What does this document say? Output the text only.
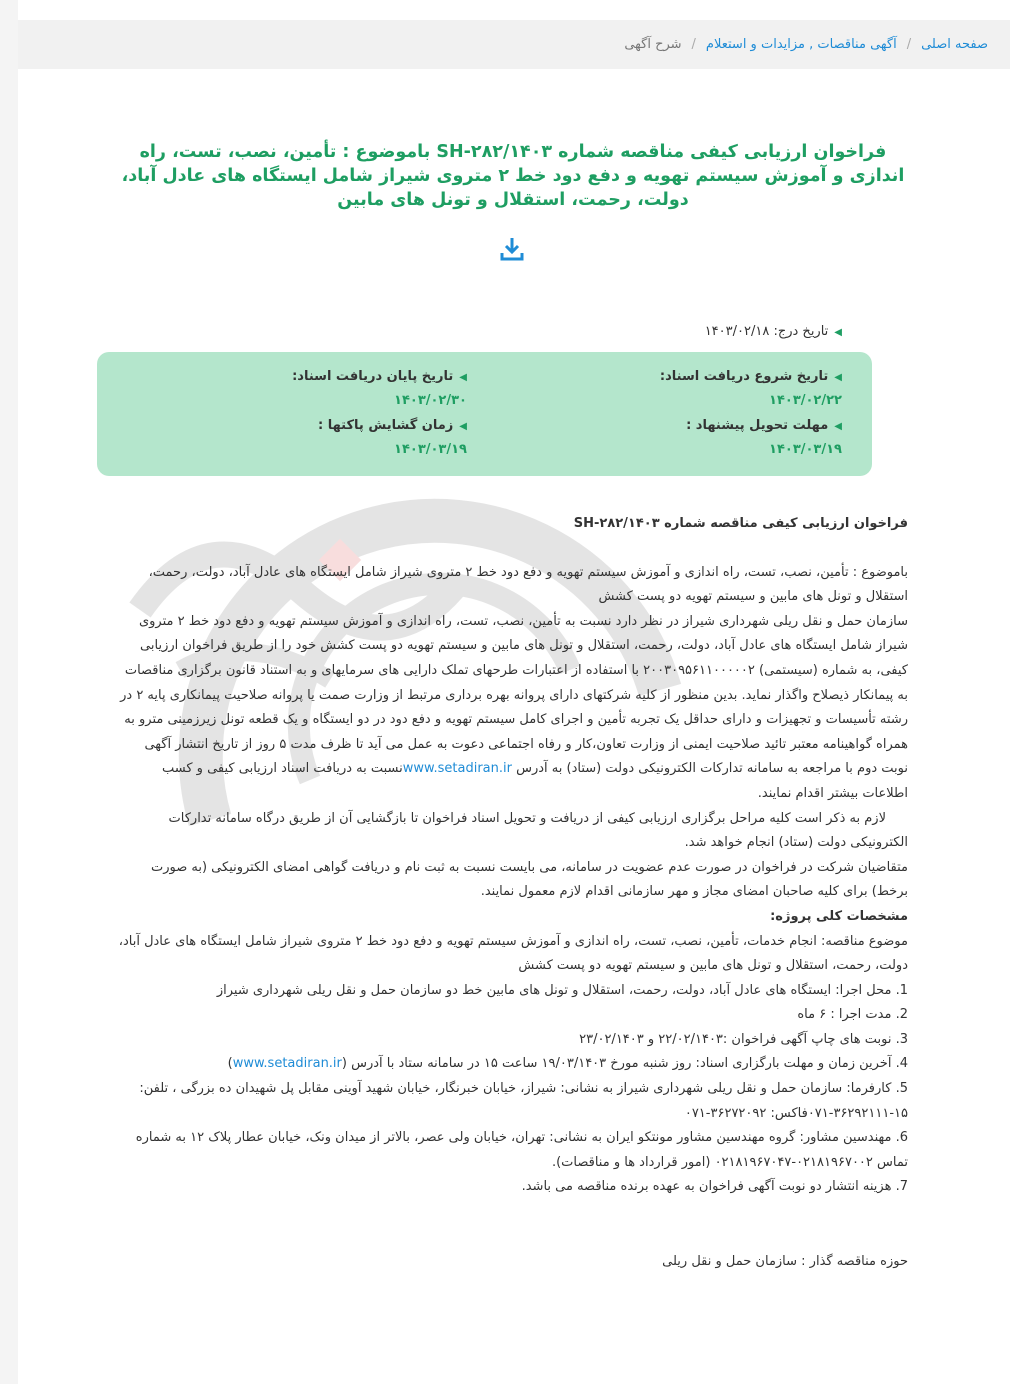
صفحه اصلی
/
آگهی مناقصات , مزایدات و استعلام
/
شرح آگهی
فراخوان ارزیابی کیفی مناقصه شماره SH-۲۸۲/۱۴۰۳ باموضوع : تأمین، نصب، تست، راه اندازی و آموزش سیستم تهویه و دفع دود خط ۲ متروی شیراز شامل ایستگاه های عادل آباد، دولت، رحمت، استقلال و تونل های مابین
◀تاریخ درج: ۱۴۰۳/۰۲/۱۸
◀تاریخ شروع دریافت اسناد:
۱۴۰۳/۰۲/۲۲
◀تاریخ پایان دریافت اسناد:
۱۴۰۳/۰۲/۳۰
◀مهلت تحویل پیشنهاد :
۱۴۰۳/۰۳/۱۹
◀زمان گشایش پاکتها :
۱۴۰۳/۰۳/۱۹

فراخوان ارزیابی کیفی مناقصه شماره SH-۲۸۲/۱۴۰۳

باموضوع : تأمین، نصب، تست، راه اندازی و آموزش سیستم تهویه و دفع دود خط ۲ متروی شیراز شامل ایستگاه های عادل آباد، دولت، رحمت، استقلال و تونل های مابین و سیستم تهویه دو پست کشش

سازمان حمل و نقل ریلی شهرداری شیراز در نظر دارد نسبت به تأمین، نصب، تست، راه اندازی و آموزش سیستم تهویه و دفع دود خط ۲ متروی شیراز شامل ایستگاه های عادل آباد، دولت، رحمت، استقلال و تونل های مابین و سیستم تهویه دو پست کشش خود را از طریق فراخوان ارزیابی کیفی، به شماره (سیستمی) ۲۰۰۳۰۹۵۶۱۱۰۰۰۰۰۲ با استفاده از اعتبارات طرحهای تملک دارایی های سرمایهای و به استناد قانون برگزاری مناقصات به پیمانکار ذیصلاح واگذار نماید. بدین منظور از کلیه شرکتهای دارای پروانه بهره برداری مرتبط از وزارت صمت یا پروانه صلاحیت پیمانکاری پایه ۲ در رشته تأسیسات و تجهیزات و دارای حداقل یک تجربه تأمین و اجرای کامل سیستم تهویه و دفع دود در دو ایستگاه و یک قطعه تونل زیرزمینی مترو به همراه گواهینامه معتبر تائید صلاحیت ایمنی از وزارت تعاون،کار و رفاه اجتماعی دعوت به عمل می آید تا ظرف مدت ۵ روز از تاریخ انتشار آگهی نوبت دوم با مراجعه به سامانه تدارکات الکترونیکی دولت (ستاد) به آدرس www.setadiran.irنسبت به دریافت اسناد ارزیابی کیفی و کسب اطلاعات بیشتر اقدام نمایند.

لازم به ذکر است کلیه مراحل برگزاری ارزیابی کیفی از دریافت و تحویل اسناد فراخوان تا بازگشایی آن از طریق درگاه سامانه تدارکات الکترونیکی دولت (ستاد) انجام خواهد شد.

متقاضیان شرکت در فراخوان در صورت عدم عضویت در سامانه، می بایست نسبت به ثبت نام و دریافت گواهی امضای الکترونیکی (به صورت برخط) برای کلیه صاحبان امضای مجاز و مهر سازمانی اقدام لازم معمول نمایند.

مشخصات کلی پروژه:

موضوع مناقصه: انجام خدمات، تأمین، نصب، تست، راه اندازی و آموزش سیستم تهویه و دفع دود خط ۲ متروی شیراز شامل ایستگاه های عادل آباد، دولت، رحمت، استقلال و تونل های مابین و سیستم تهویه دو پست کشش

1. محل اجرا: ایستگاه های عادل آباد، دولت، رحمت، استقلال و تونل های مابین خط دو سازمان حمل و نقل ریلی شهرداری شیراز
2. مدت اجرا : ۶ ماه
3. نوبت های چاپ آگهی فراخوان :۲۲/۰۲/۱۴۰۳ و ۲۳/۰۲/۱۴۰۳
4. آخرین زمان و مهلت بارگزاری اسناد: روز شنبه مورخ ۱۹/۰۳/۱۴۰۳ ساعت ۱۵ در سامانه ستاد با آدرس (www.setadiran.ir)
5. کارفرما: سازمان حمل و نقل ریلی شهرداری شیراز به نشانی: شیراز، خیابان خبرنگار، خیابان شهید آوینی مقابل پل شهیدان ده بزرگی ، تلفن: ۱۵-۳۶۲۹۲۱۱۱-۰۷۱فاکس: ۳۶۲۷۲۰۹۲-۰۷۱
6. مهندسین مشاور: گروه مهندسین مشاور مونتکو ایران به نشانی: تهران، خیابان ولی عصر، بالاتر از میدان ونک، خیابان عطار پلاک ۱۲ به شماره تماس ۰۲۱۸۱۹۶۷۰۰۲-۰۲۱۸۱۹۶۷۰۴۷ (امور قرارداد ها و مناقصات).
7. هزینه انتشار دو نوبت آگهی فراخوان به عهده برنده مناقصه می باشد.

حوزه مناقصه گذار : سازمان حمل و نقل ریلی
